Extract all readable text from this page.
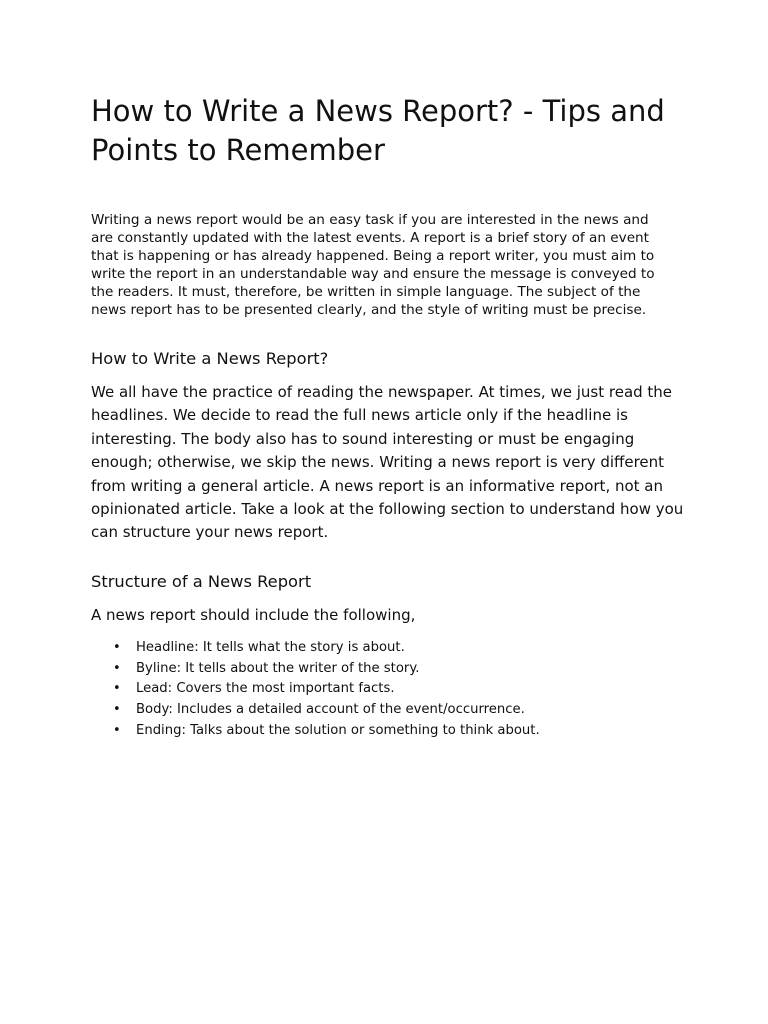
How to Write a News Report? - Tips and Points to Remember

Writing a news report would be an easy task if you are interested in the news and are constantly updated with the latest events. A report is a brief story of an event that is happening or has already happened. Being a report writer, you must aim to write the report in an understandable way and ensure the message is conveyed to the readers. It must, therefore, be written in simple language. The subject of the news report has to be presented clearly, and the style of writing must be precise.

How to Write a News Report?

We all have the practice of reading the newspaper. At times, we just read the headlines. We decide to read the full news article only if the headline is interesting. The body also has to sound interesting or must be engaging enough; otherwise, we skip the news. Writing a news report is very different from writing a general article. A news report is an informative report, not an opinionated article. Take a look at the following section to understand how you can structure your news report.

Structure of a News Report

A news report should include the following,

• Headline: It tells what the story is about.
• Byline: It tells about the writer of the story.
• Lead: Covers the most important facts.
• Body: Includes a detailed account of the event/occurrence.
• Ending: Talks about the solution or something to think about.
